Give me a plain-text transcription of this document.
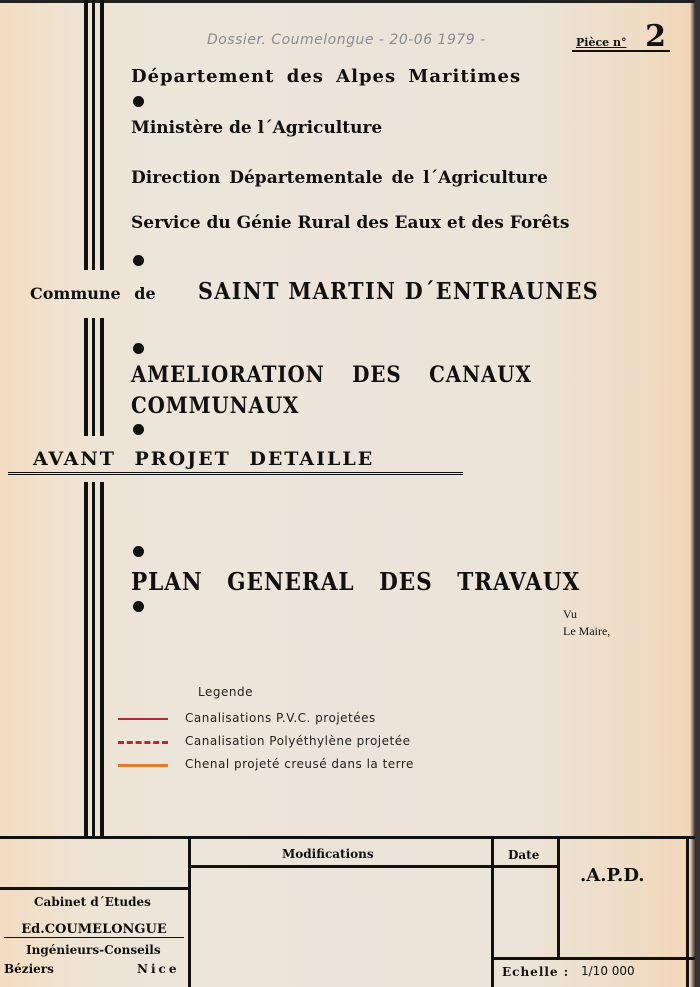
Dossier. Coumelongue - 20-06 1979 -	Pièce n° 2
Département des Alpes Maritimes
Ministère de l´Agriculture
Direction Départementale de l´Agriculture
Service du Génie Rural des Eaux et des Forêts
Commune de SAINT MARTIN D´ENTRAUNES
AMELIORATION DES CANAUX
COMMUNAUX
AVANT PROJET DETAILLE
PLAN GENERAL DES TRAVAUX
Vu
Le Maire,
Legende
Canalisations P.V.C. projetées
Canalisation Polyéthylène projetée
Chenal projeté creusé dans la terre
Modifications	Date
.A.P.D.
Cabinet d´Etudes
Ed.COUMELONGUE
Ingénieurs-Conseils
Béziers	Nice	Echelle : 1/10 000
